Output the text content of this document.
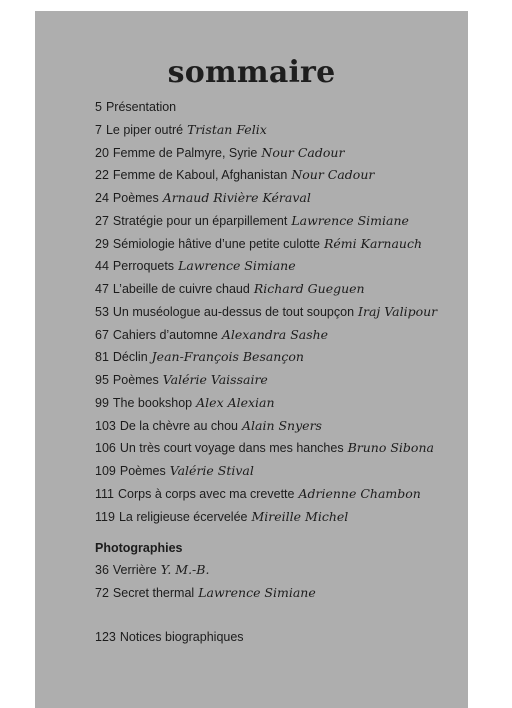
sommaire
5 Présentation
7 Le piper outré Tristan Felix
20 Femme de Palmyre, Syrie Nour Cadour
22 Femme de Kaboul, Afghanistan Nour Cadour
24 Poèmes Arnaud Rivière Kéraval
27 Stratégie pour un éparpillement Lawrence Simiane
29 Sémiologie hâtive d’une petite culotte Rémi Karnauch
44 Perroquets Lawrence Simiane
47 L’abeille de cuivre chaud Richard Gueguen
53 Un muséologue au-dessus de tout soupçon Iraj Valipour
67 Cahiers d’automne Alexandra Sashe
81 Déclin Jean-François Besançon
95 Poèmes Valérie Vaissaire
99 The bookshop Alex Alexian
103 De la chèvre au chou Alain Snyers
106 Un très court voyage dans mes hanches Bruno Sibona
109 Poèmes Valérie Stival
111 Corps à corps avec ma crevette Adrienne Chambon
119 La religieuse écervelée Mireille Michel
Photographies
36 Verrière Y. M.-B.
72 Secret thermal Lawrence Simiane
123 Notices biographiques
